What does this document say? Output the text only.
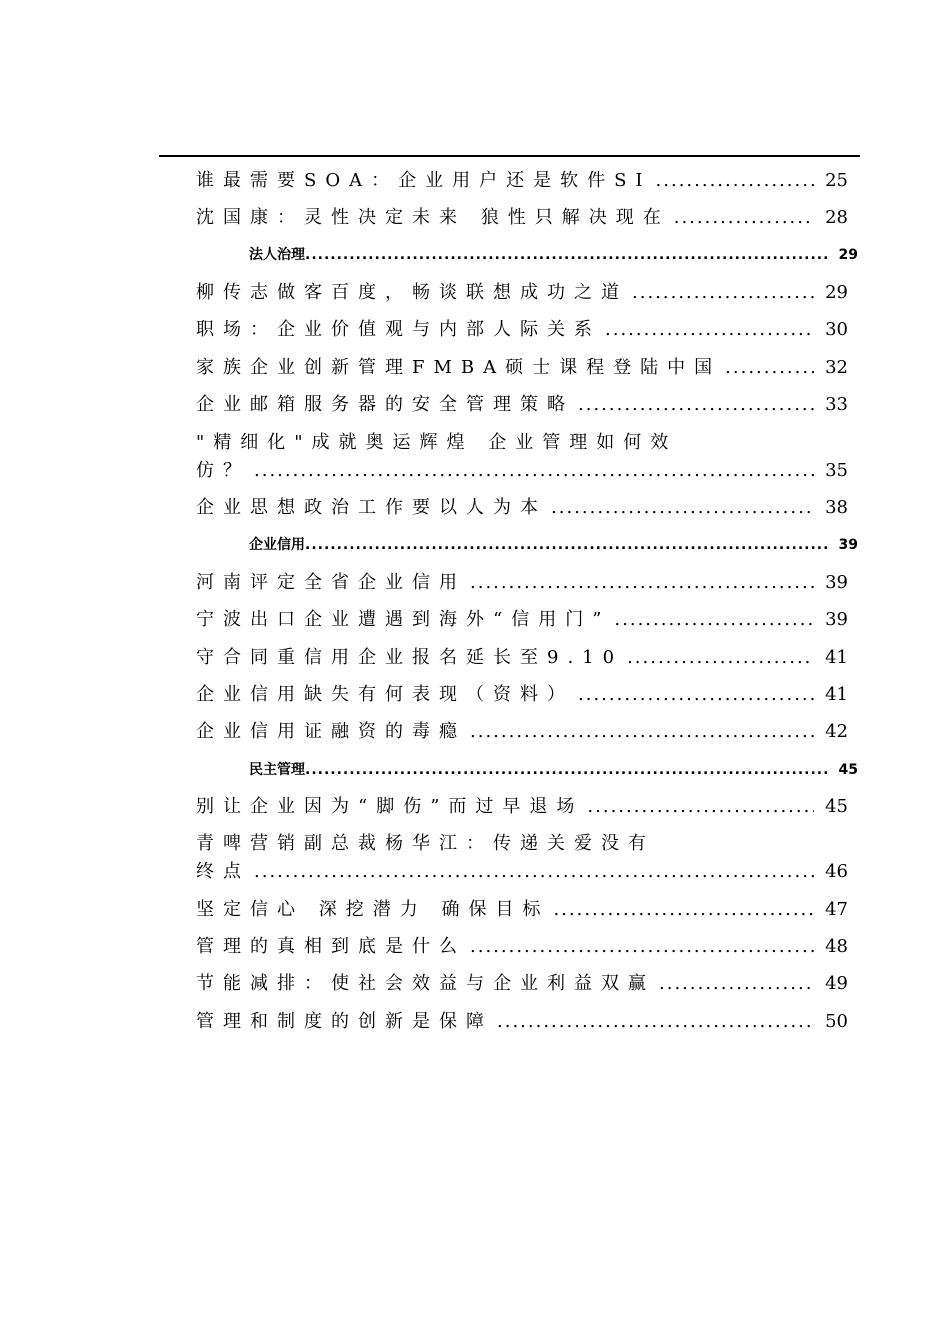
谁最需要SOA：企业用户还是软件SI .....	25
沈国康：灵性决定未来 狼性只解决现在 .....	28
法人治理 .....	29
柳传志做客百度，畅谈联想成功之道 .....	29
职场：企业价值观与内部人际关系 .....	30
家族企业创新管理FMBA硕士课程登陆中国 .....	32
企业邮箱服务器的安全管理策略 .....	33
"精细化"成就奥运辉煌 企业管理如何效
仿？ .....	35
企业思想政治工作要以人为本 .....	38
企业信用 .....	39
河南评定全省企业信用 .....	39
宁波出口企业遭遇到海外“信用门” .....	39
守合同重信用企业报名延长至9.10 .....	41
企业信用缺失有何表现（资料） .....	41
企业信用证融资的毒瘾 .....	42
民主管理 .....	45
别让企业因为“脚伤”而过早退场 .....	45
青啤营销副总裁杨华江：传递关爱没有
终点 .....	46
坚定信心 深挖潜力 确保目标 .....	47
管理的真相到底是什么 .....	48
节能减排：使社会效益与企业利益双赢 .....	49
管理和制度的创新是保障 .....	50
